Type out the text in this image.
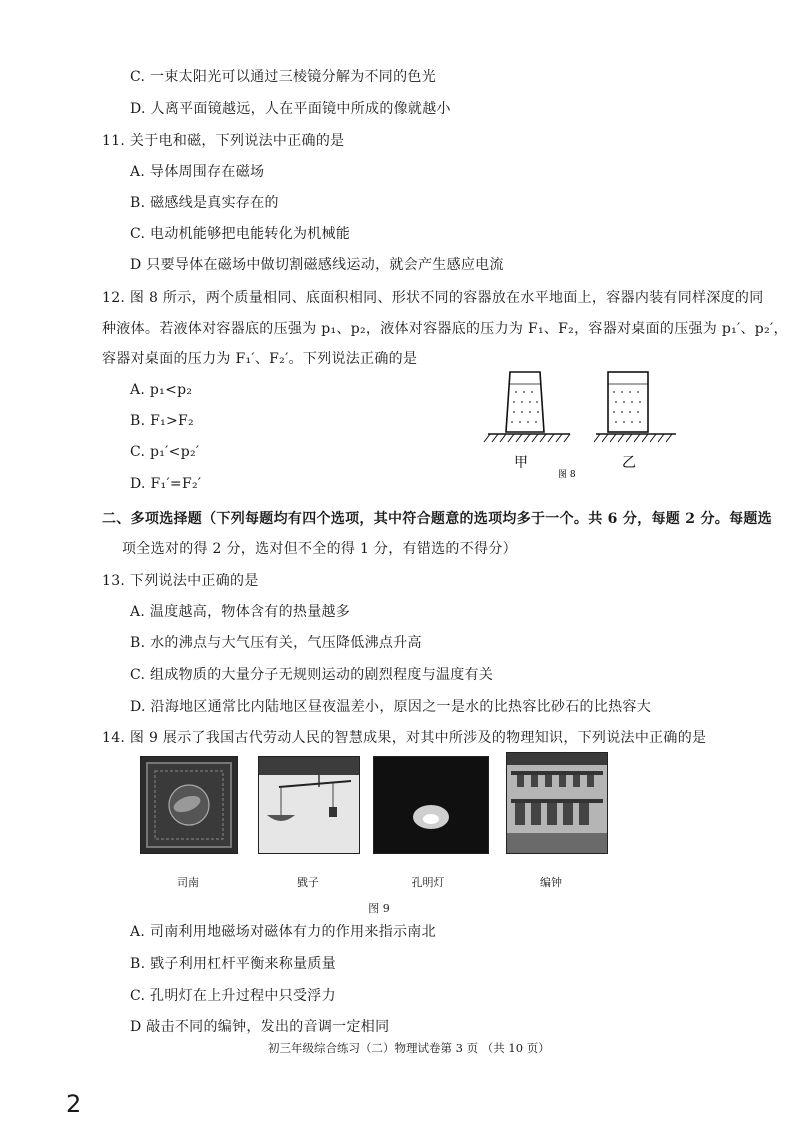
C. 一束太阳光可以通过三棱镜分解为不同的色光
D. 人离平面镜越远，人在平面镜中所成的像就越小
11. 关于电和磁，下列说法中正确的是
A. 导体周围存在磁场
B. 磁感线是真实存在的
C. 电动机能够把电能转化为机械能
D 只要导体在磁场中做切割磁感线运动，就会产生感应电流
12. 图 8 所示，两个质量相同、底面积相同、形状不同的容器放在水平地面上，容器内装有同样深度的同
种液体。若液体对容器底的压强为 p₁、p₂，液体对容器底的压力为 F₁、F₂，容器对桌面的压强为 p₁′、p₂′，
容器对桌面的压力为 F₁′、F₂′。下列说法正确的是
A. p₁<p₂
B. F₁>F₂
C. p₁′<p₂′
D. F₁′=F₂′
甲
图 8
乙
二、多项选择题（下列每题均有四个选项，其中符合题意的选项均多于一个。共 6 分，每题 2 分。每题选
项全选对的得 2 分，选对但不全的得 1 分，有错选的不得分）
13. 下列说法中正确的是
A. 温度越高，物体含有的热量越多
B. 水的沸点与大气压有关，气压降低沸点升高
C. 组成物质的大量分子无规则运动的剧烈程度与温度有关
D. 沿海地区通常比内陆地区昼夜温差小，原因之一是水的比热容比砂石的比热容大
14. 图 9 展示了我国古代劳动人民的智慧成果，对其中所涉及的物理知识，下列说法中正确的是
司南	戥子	孔明灯	编钟
图 9
A. 司南利用地磁场对磁体有力的作用来指示南北
B. 戥子利用杠杆平衡来称量质量
C. 孔明灯在上升过程中只受浮力
D 敲击不同的编钟，发出的音调一定相同
初三年级综合练习（二）物理试卷第 3 页 （共 10 页）
2
